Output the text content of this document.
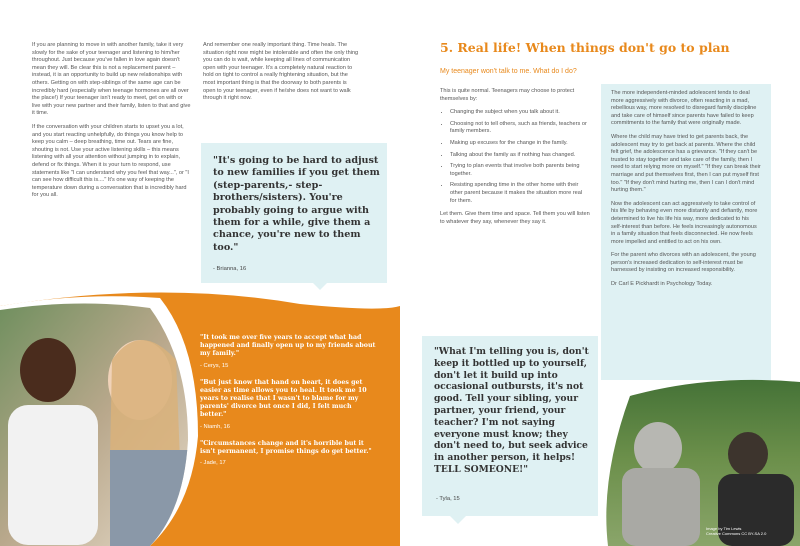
If you are planning to move in with another family, take it very slowly for the sake of your teenager and listening to him/her throughout. Just because you've fallen in love again doesn't mean they will. Be clear this is not a replacement parent – instead, it is an opportunity to build up new relationships with others. Getting on with step-siblings of the same age can be incredibly hard (especially when teenage hormones are all over the place!) If your teenager isn't ready to meet, get on with or live with your new partner and their family, listen to that and give it time.

If the conversation with your children starts to upset you a lot, and you start reacting unhelpfully, do things you know help to keep you calm – deep breathing, time out. Tears are fine, shouting is not. Use your active listening skills – this means listening with all your attention without jumping in to explain, defend or fix things. When it is your turn to respond, use statements like "I can understand why you feel that way...", or "I can see how difficult this is...." It's one way of keeping the temperature down during a conversation that is incredibly hard for you all.

And remember one really important thing. Time heals. The situation right now might be intolerable and often the only thing you can do is wait, while keeping all lines of communication open with your teenager. It's a completely natural reaction to hold on tight to control a really frightening situation, but the most important thing is that the doorway to both parents is open to your teenager, even if he/she does not want to walk through it right now.

"It's going to be hard to adjust to new families if you get them (step-parents,- step-brothers/sisters). You're probably going to argue with them for a while, give them a chance, you're new to them too."
- Brianna, 16
"It took me over five years to accept what had happened and finally open up to my friends about my family."
- Cerys, 15
"But just know that hand on heart, it does get easier as time allows you to heal. It took me 10 years to realise that I wasn't to blame for my parents' divorce but once I did, I felt much better."
- Niamh, 16
"Circumstances change and it's horrible but it isn't permanent, I promise things do get better."
- Jade, 17
5. Real life! When things don't go to plan
My teenager won't talk to me. What do I do?

This is quite normal. Teenagers may choose to protect themselves by:

• Changing the subject when you talk about it.
• Choosing not to tell others, such as friends, teachers or family members.
• Making up excuses for the change in the family.
• Talking about the family as if nothing has changed.
• Trying to plan events that involve both parents being together.
• Resisting spending time in the other home with their other parent because it makes the situation more real for them.

Let them. Give them time and space. Tell them you will listen to whatever they say, whenever they say it.

The more independent-minded adolescent tends to deal more aggressively with divorce, often reacting in a mad, rebellious way, more resolved to disregard family discipline and take care of himself since parents have failed to keep commitments to the family that were originally made.

Where the child may have tried to get parents back, the adolescent may try to get back at parents. Where the child felt grief, the adolescence has a grievance. "If they can't be trusted to stay together and take care of the family, then I need to start relying more on myself." "If they can break their marriage and put themselves first, then I can put myself first too." "If they don't mind hurting me, then I can I don't mind hurting them."

Now the adolescent can act aggressively to take control of his life by behaving even more distantly and defiantly, more determined to live his life his way, more dedicated to his self-interest than before. He feels increasingly autonomous in a family situation that feels disconnected. He now feels more impelled and entitled to act on his own.

For the parent who divorces with an adolescent, the young person's increased dedication to self-interest must be harnessed by insisting on increased responsibility.

Dr Carl E Pickhardt in Psychology Today.

"What I'm telling you is, don't keep it bottled up to yourself, don't let it build up into occasional outbursts, it's not good. Tell your sibling, your partner, your friend, your teacher? I'm not saying everyone must know; they don't need to, but seek advice in another person, it helps! TELL SOMEONE!"
- Tyla, 15
Image by Tim Lewis
Creative Commons CC BY-SA 2.0
